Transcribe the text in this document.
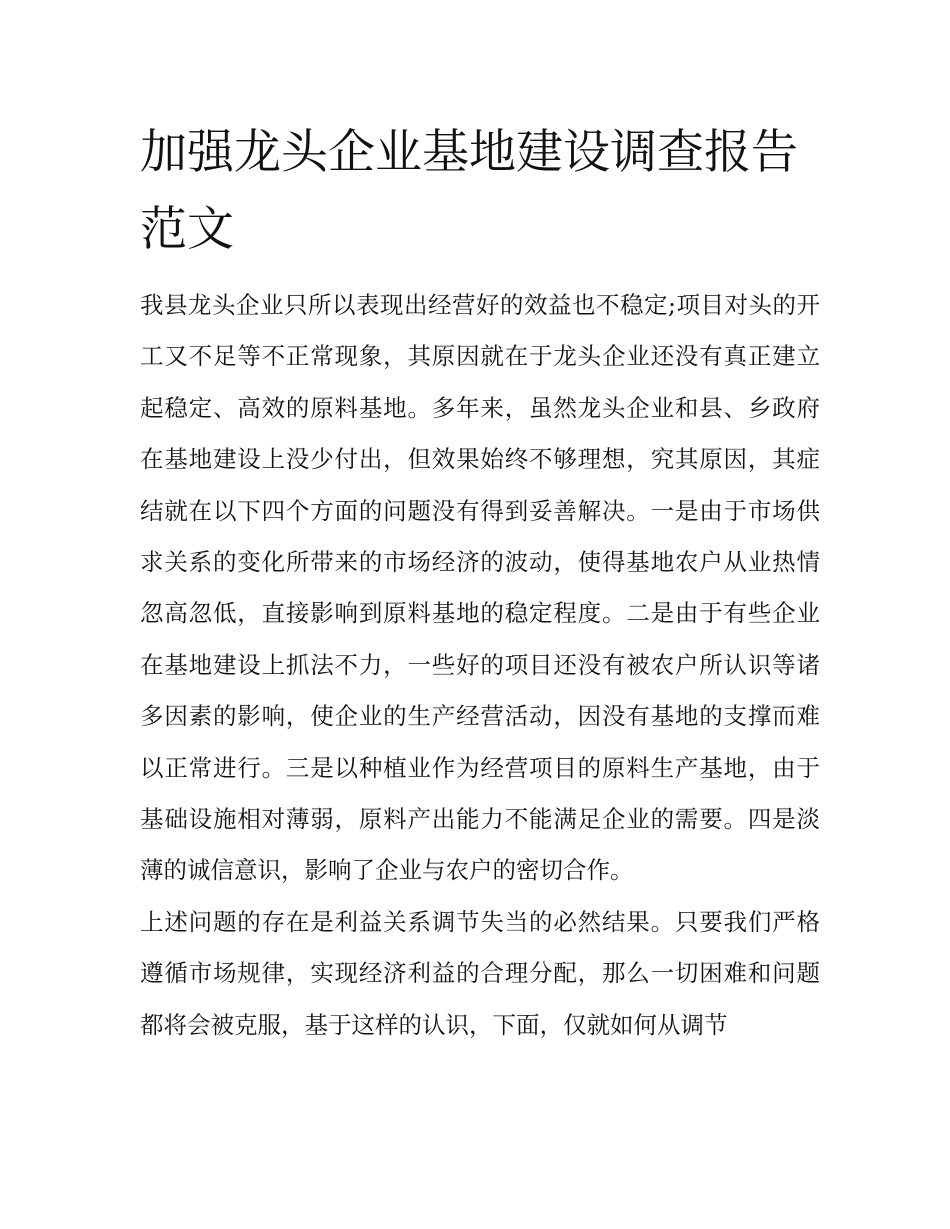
加强龙头企业基地建设调查报告范文

我县龙头企业只所以表现出经营好的效益也不稳定;项目对头的开工又不足等不正常现象，其原因就在于龙头企业还没有真正建立起稳定、高效的原料基地。多年来，虽然龙头企业和县、乡政府在基地建设上没少付出，但效果始终不够理想，究其原因，其症结就在以下四个方面的问题没有得到妥善解决。一是由于市场供求关系的变化所带来的市场经济的波动，使得基地农户从业热情忽高忽低，直接影响到原料基地的稳定程度。二是由于有些企业在基地建设上抓法不力，一些好的项目还没有被农户所认识等诸多因素的影响，使企业的生产经营活动，因没有基地的支撑而难以正常进行。三是以种植业作为经营项目的原料生产基地，由于基础设施相对薄弱，原料产出能力不能满足企业的需要。四是淡薄的诚信意识，影响了企业与农户的密切合作。

上述问题的存在是利益关系调节失当的必然结果。只要我们严格遵循市场规律，实现经济利益的合理分配，那么一切困难和问题都将会被克服，基于这样的认识，下面，仅就如何从调节
